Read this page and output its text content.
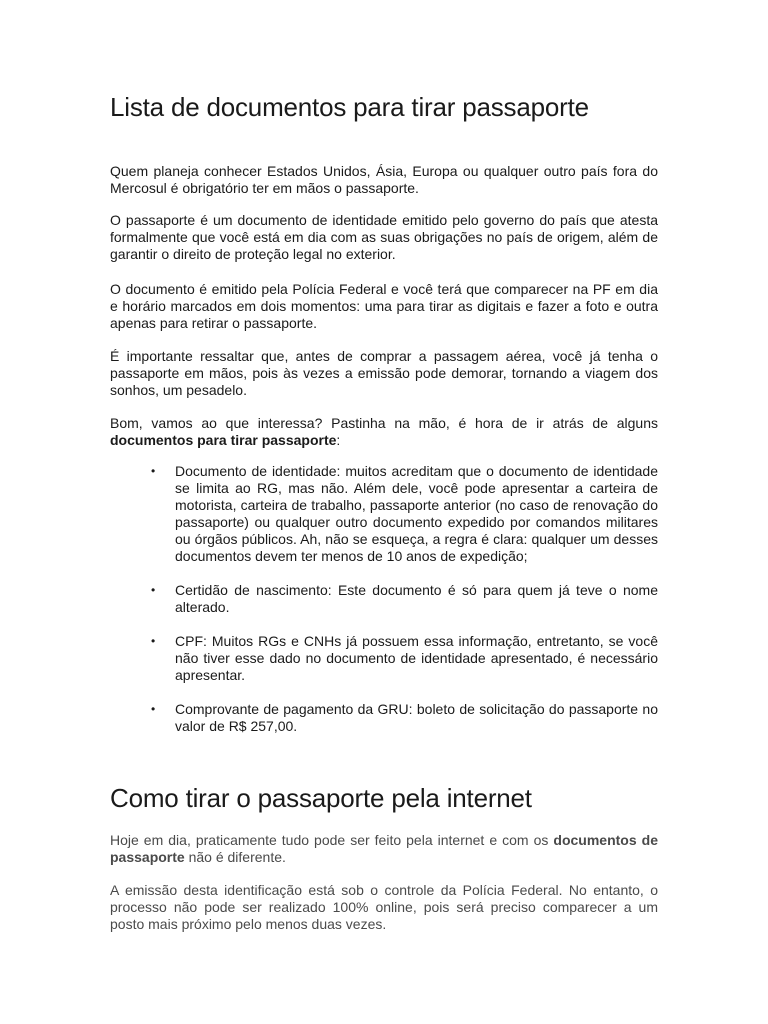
Lista de documentos para tirar passaporte

Quem planeja conhecer Estados Unidos, Ásia, Europa ou qualquer outro país fora do Mercosul é obrigatório ter em mãos o passaporte.

O passaporte é um documento de identidade emitido pelo governo do país que atesta formalmente que você está em dia com as suas obrigações no país de origem, além de garantir o direito de proteção legal no exterior.

O documento é emitido pela Polícia Federal e você terá que comparecer na PF em dia e horário marcados em dois momentos: uma para tirar as digitais e fazer a foto e outra apenas para retirar o passaporte.

É importante ressaltar que, antes de comprar a passagem aérea, você já tenha o passaporte em mãos, pois às vezes a emissão pode demorar, tornando a viagem dos sonhos, um pesadelo.

Bom, vamos ao que interessa? Pastinha na mão, é hora de ir atrás de alguns documentos para tirar passaporte:

• Documento de identidade: muitos acreditam que o documento de identidade se limita ao RG, mas não. Além dele, você pode apresentar a carteira de motorista, carteira de trabalho, passaporte anterior (no caso de renovação do passaporte) ou qualquer outro documento expedido por comandos militares ou órgãos públicos. Ah, não se esqueça, a regra é clara: qualquer um desses documentos devem ter menos de 10 anos de expedição;
• Certidão de nascimento: Este documento é só para quem já teve o nome alterado.
• CPF: Muitos RGs e CNHs já possuem essa informação, entretanto, se você não tiver esse dado no documento de identidade apresentado, é necessário apresentar.
• Comprovante de pagamento da GRU: boleto de solicitação do passaporte no valor de R$ 257,00.
Como tirar o passaporte pela internet

Hoje em dia, praticamente tudo pode ser feito pela internet e com os documentos de passaporte não é diferente.

A emissão desta identificação está sob o controle da Polícia Federal. No entanto, o processo não pode ser realizado 100% online, pois será preciso comparecer a um posto mais próximo pelo menos duas vezes.
